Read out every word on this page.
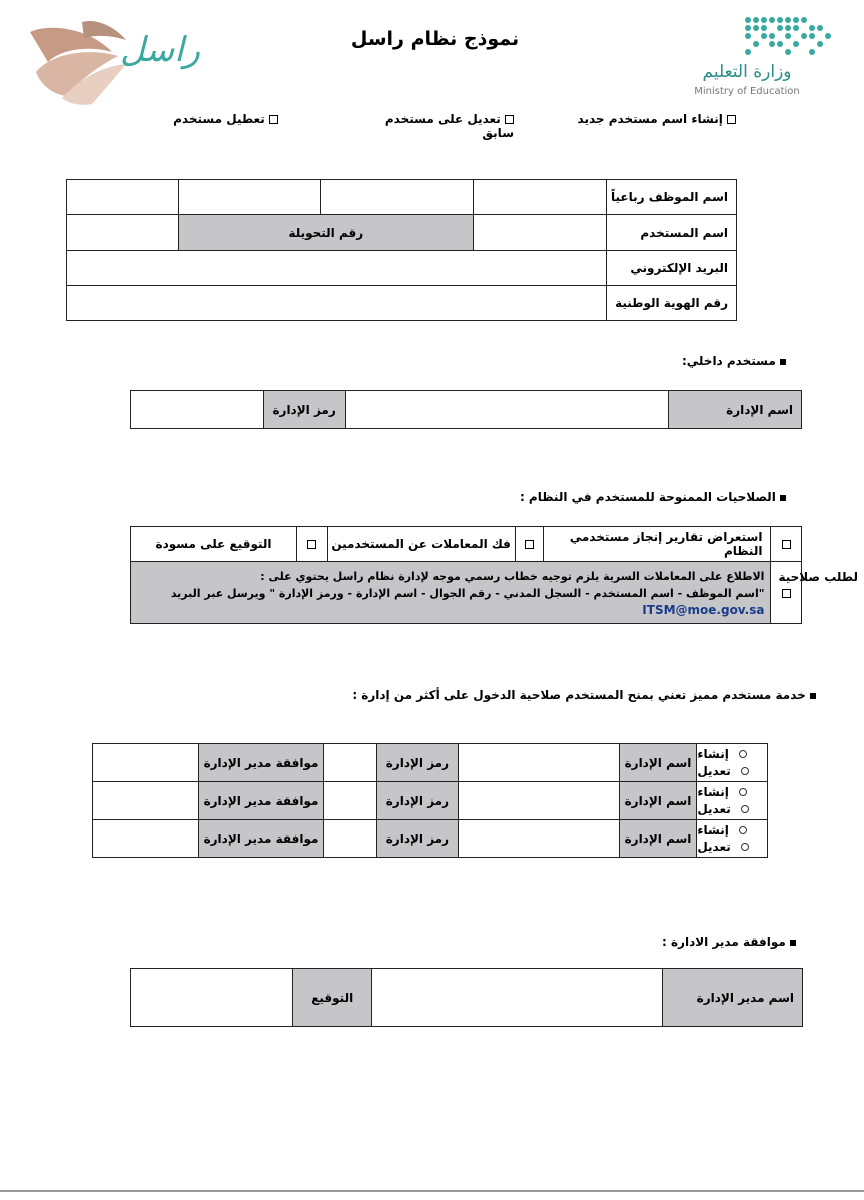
راسل	نموذج نظام راسل
وزارة التعليم
Ministry of Education
إنشاء اسم مستخدم جديد
تعديل على مستخدم سابق
تعطيل مستخدم
				اسم الموظف رباعياً
	رقم التحويلة			اسم المستخدم
				البريد الإلكتروني
				رقم الهوية الوطنية
مستخدم داخلي:
	رمز الإدارة		اسم الإدارة
الصلاحيات الممنوحة للمستخدم في النظام :
التوقيع على مسودة		فك المعاملات عن المستخدمين		استعراض تقارير إنجاز مستخدمي النظام	

الاطلاع على المعاملات السرية يلزم توجيه خطاب رسمي موجه لإدارة نظام راسل يحتوي على :
"اسم الموظف - اسم المستخدم - السجل المدني - رقم الجوال - اسم الإدارة - ورمز الإدارة " ويرسل عبر البريد ITSM@moe.gov.sa					

لطلب صلاحية
خدمة مستخدم مميز تعني بمنح المستخدم صلاحية الدخول على أكثر من إدارة :
	موافقة مدير الإدارة		رمز الإدارة		اسم الإدارة	إنشاء
تعديل

	موافقة مدير الإدارة		رمز الإدارة		اسم الإدارة	إنشاء
تعديل

	موافقة مدير الإدارة		رمز الإدارة		اسم الإدارة	إنشاء
تعديل
موافقة مدير الادارة :
	التوقيع		اسم مدير الإدارة
